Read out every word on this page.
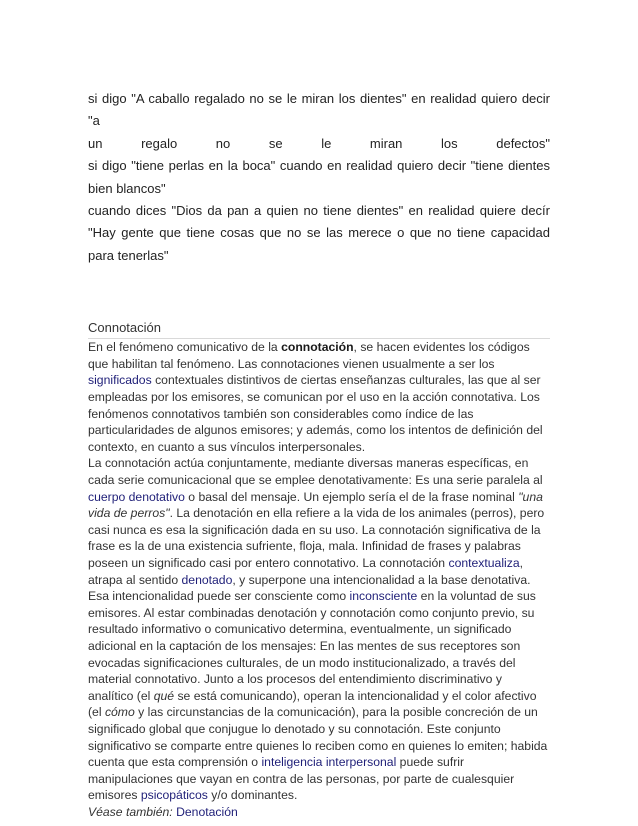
si digo "A caballo regalado no se le miran los dientes" en realidad quiero decir "a

un	regalo	no	se	le	miran	los	defectos"

si digo "tiene perlas en la boca" cuando en realidad quiero decir "tiene dientes bien blancos"

cuando dices "Dios da pan a quien no tiene dientes" en realidad quiere decír "Hay gente que tiene cosas que no se las merece o que no tiene capacidad para tenerlas"

Connotación

En el fenómeno comunicativo de la connotación, se hacen evidentes los códigos que habilitan tal fenómeno. Las connotaciones vienen usualmente a ser los significados contextuales distintivos de ciertas enseñanzas culturales, las que al ser empleadas por los emisores, se comunican por el uso en la acción connotativa. Los fenómenos connotativos también son considerables como índice de las particularidades de algunos emisores; y además, como los intentos de definición del contexto, en cuanto a sus vínculos interpersonales.

La connotación actúa conjuntamente, mediante diversas maneras específicas, en cada serie comunicacional que se emplee denotativamente: Es una serie paralela al cuerpo denotativo o basal del mensaje. Un ejemplo sería el de la frase nominal "una vida de perros". La denotación en ella refiere a la vida de los animales (perros), pero casi nunca es esa la significación dada en su uso. La connotación significativa de la frase es la de una existencia sufriente, floja, mala. Infinidad de frases y palabras poseen un significado casi por entero connotativo. La connotación contextualiza, atrapa al sentido denotado, y superpone una intencionalidad a la base denotativa. Esa intencionalidad puede ser consciente como inconsciente en la voluntad de sus emisores. Al estar combinadas denotación y connotación como conjunto previo, su resultado informativo o comunicativo determina, eventualmente, un significado adicional en la captación de los mensajes: En las mentes de sus receptores son evocadas significaciones culturales, de un modo institucionalizado, a través del material connotativo. Junto a los procesos del entendimiento discriminativo y analítico (el qué se está comunicando), operan la intencionalidad y el color afectivo (el cómo y las circunstancias de la comunicación), para la posible concreción de un significado global que conjugue lo denotado y su connotación. Este conjunto significativo se comparte entre quienes lo reciben como en quienes lo emiten; habida cuenta que esta comprensión o inteligencia interpersonal puede sufrir manipulaciones que vayan en contra de las personas, por parte de cualesquier emisores psicopáticos y/o dominantes.

Véase también: Denotación
